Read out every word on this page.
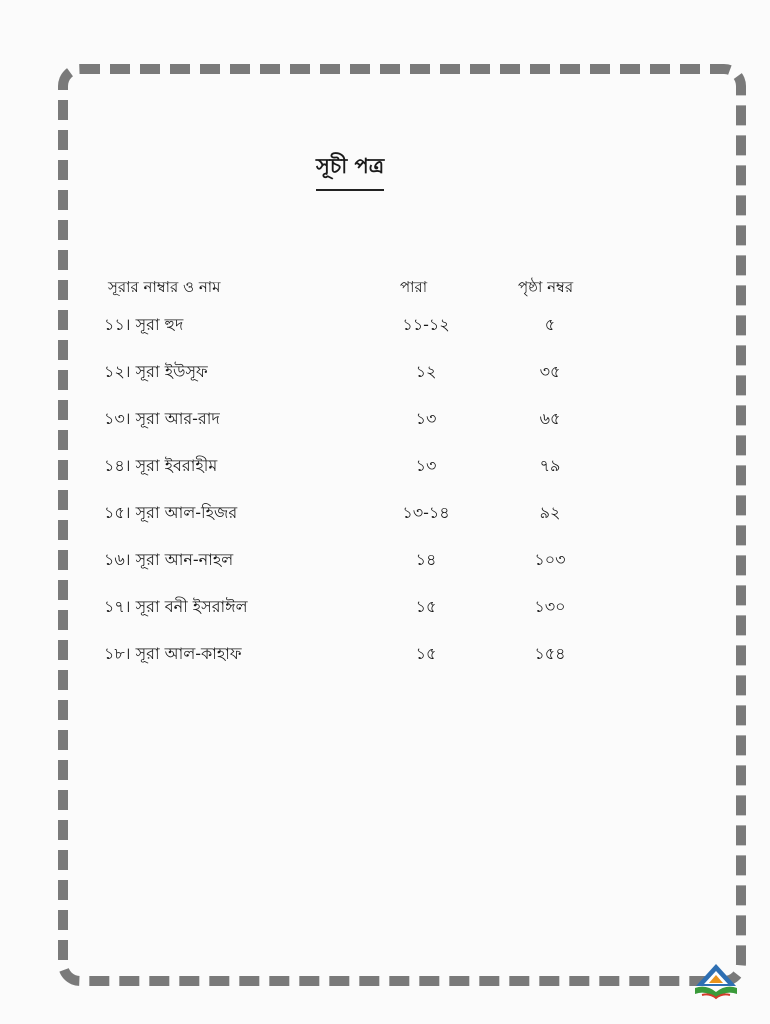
সূচী পত্র
সূরার নাম্বার ও নাম	পারা	পৃষ্ঠা নম্বর
১১। সূরা হুদ	১১-১২	৫
১২। সূরা ইউসূফ	১২	৩৫
১৩। সূরা আর-রাদ	১৩	৬৫
১৪। সূরা ইবরাহীম	১৩	৭৯
১৫। সূরা আল-হিজর	১৩-১৪	৯২
১৬। সূরা আন-নাহল	১৪	১০৩
১৭। সূরা বনী ইসরাঈল	১৫	১৩০
১৮। সূরা আল-কাহাফ	১৫	১৫৪
